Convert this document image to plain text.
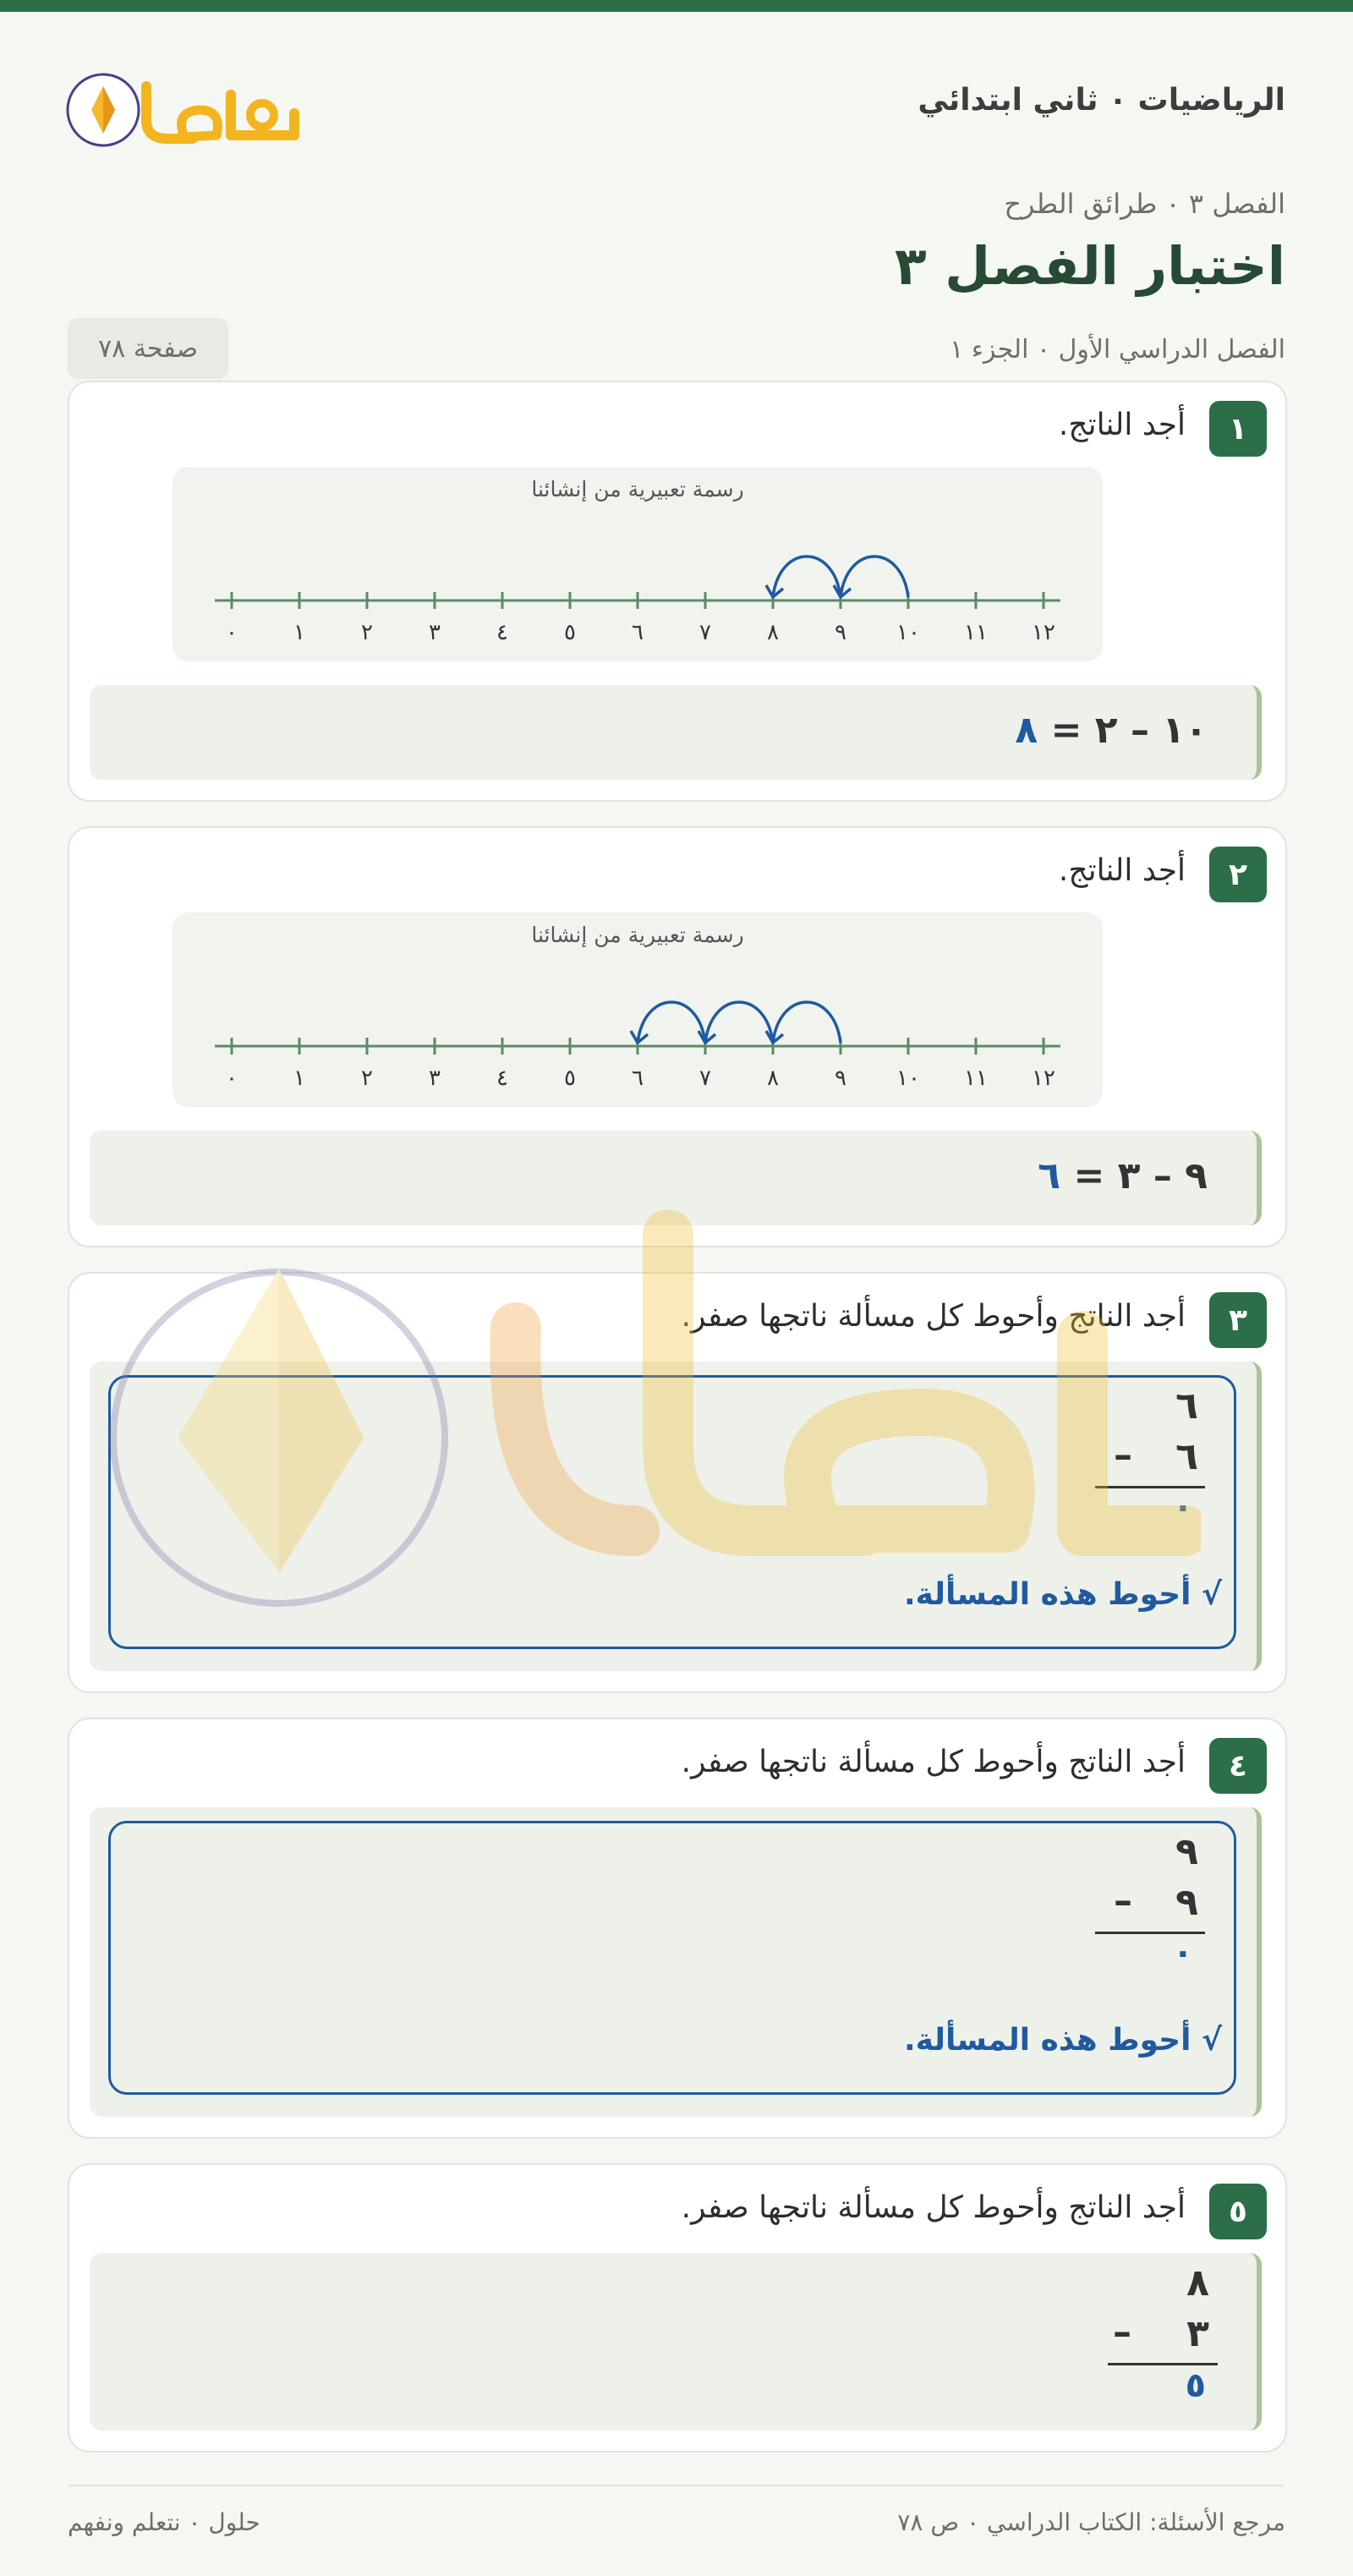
الرياضيات ٠ ثاني ابتدائي
الفصل ٣ ٠ طرائق الطرح
اختبار الفصل ٣
الفصل الدراسي الأول ٠ الجزء ١
صفحة ٧٨
١
أجد الناتج.
رسمة تعبيرية من إنشائنا
٠	١	٢	٣	٤	٥	٦	٧	٨	٩ ١٠ ١١ ١٢
١٠ – ٢ = ٨
٢
أجد الناتج.
رسمة تعبيرية من إنشائنا
٠	١	٢	٣	٤	٥	٦	٧	٨	٩ ١٠ ١١ ١٢
٩ – ٣ = ٦
٣
أجد الناتج وأحوط كل مسألة ناتجها صفر.
٦
٦
–
٠
√ أحوط هذه المسألة.
٤
أجد الناتج وأحوط كل مسألة ناتجها صفر.
٩
٩
–
٠
√ أحوط هذه المسألة.
٥
أجد الناتج وأحوط كل مسألة ناتجها صفر.
٨
٣
–
٥
مرجع الأسئلة: الكتاب الدراسي ٠ ص ٧٨
حلول ٠ نتعلم ونفهم
